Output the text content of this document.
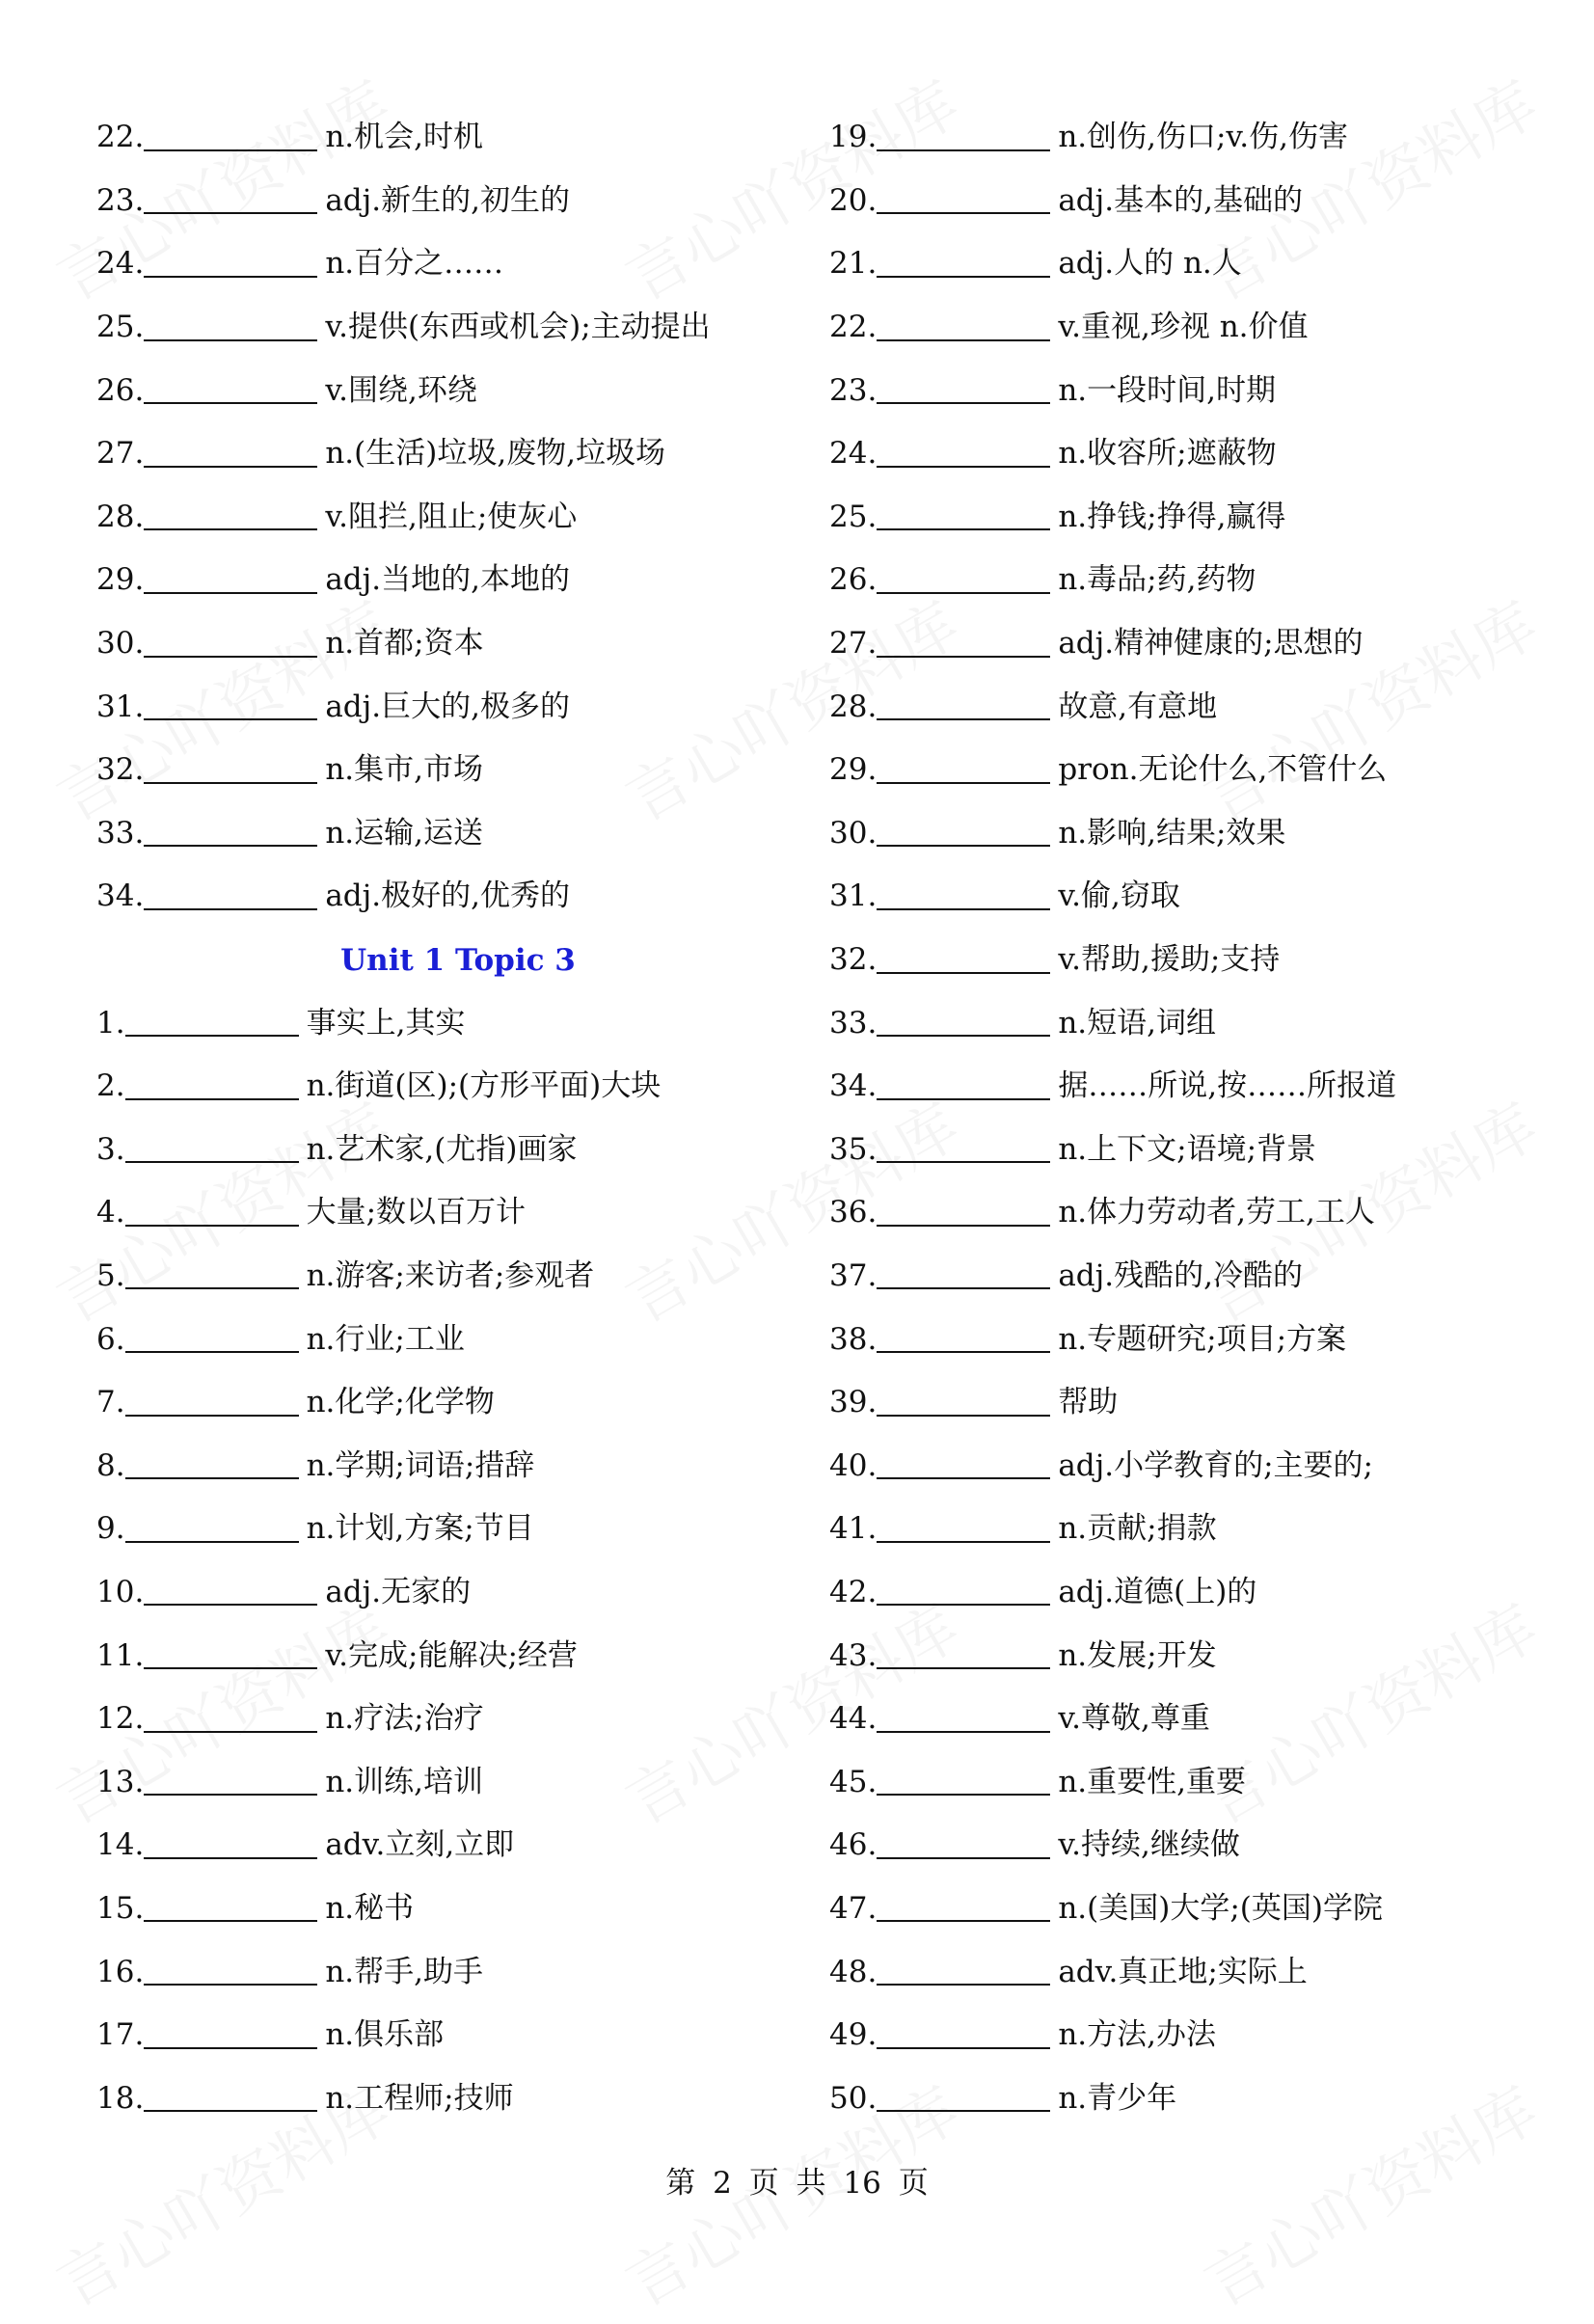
22.	n.机会,时机
23.	adj.新生的,初生的
24.	n.百分之……
25.	v.提供(东西或机会);主动提出
26.	v.围绕,环绕
27.	n.(生活)垃圾,废物,垃圾场
28.	v.阻拦,阻止;使灰心
29.	adj.当地的,本地的
30.	n.首都;资本
31.	adj.巨大的,极多的
32.	n.集市,市场
33.	n.运输,运送
34.	adj.极好的,优秀的
Unit 1 Topic 3
1.	事实上,其实
2.	n.街道(区);(方形平面)大块
3.	n.艺术家,(尤指)画家
4.	大量;数以百万计
5.	n.游客;来访者;参观者
6.	n.行业;工业
7.	n.化学;化学物
8.	n.学期;词语;措辞
9.	n.计划,方案;节目
10.	adj.无家的
11.	v.完成;能解决;经营
12.	n.疗法;治疗
13.	n.训练,培训
14.	adv.立刻,立即
15.	n.秘书
16.	n.帮手,助手
17.	n.俱乐部
18.	n.工程师;技师
19.	n.创伤,伤口;v.伤,伤害
20.	adj.基本的,基础的
21.	adj.人的 n.人
22.	v.重视,珍视 n.价值
23.	n.一段时间,时期
24.	n.收容所;遮蔽物
25.	n.挣钱;挣得,赢得
26.	n.毒品;药,药物
27.	adj.精神健康的;思想的
28.	故意,有意地
29.	pron.无论什么,不管什么
30.	n.影响,结果;效果
31.	v.偷,窃取
32.	v.帮助,援助;支持
33.	n.短语,词组
34.	据……所说,按……所报道
35.	n.上下文;语境;背景
36.	n.体力劳动者,劳工,工人
37.	adj.残酷的,冷酷的
38.	n.专题研究;项目;方案
39.	帮助
40.	adj.小学教育的;主要的;
41.	n.贡献;捐款
42.	adj.道德(上)的
43.	n.发展;开发
44.	v.尊敬,尊重
45.	n.重要性,重要
46.	v.持续,继续做
47.	n.(美国)大学;(英国)学院
48.	adv.真正地;实际上
49.	n.方法,办法
50.	n.青少年
第 2 页 共 16 页
